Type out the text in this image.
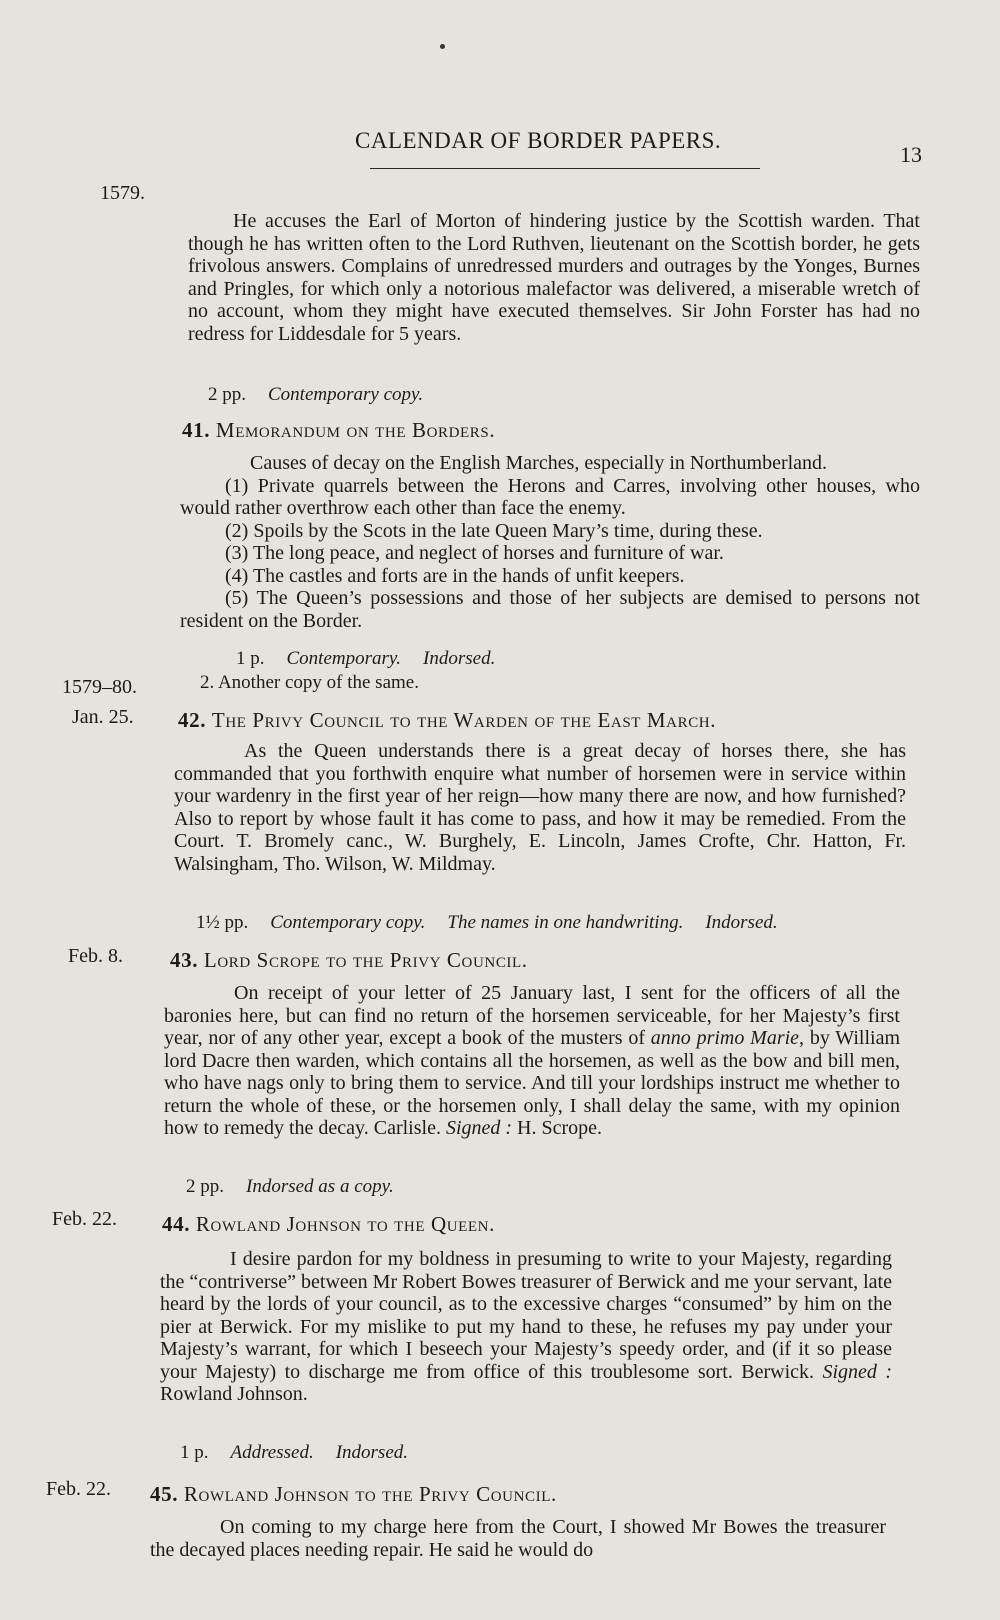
CALENDAR OF BORDER PAPERS.
13
1579.
1579–80.
Jan. 25.
Feb. 8.
Feb. 22.
Feb. 22.
He accuses the Earl of Morton of hindering justice by the Scottish warden. That though he has written often to the Lord Ruthven, lieutenant on the Scottish border, he gets frivolous answers. Complains of unredressed murders and outrages by the Yonges, Burnes and Pringles, for which only a notorious malefactor was delivered, a miserable wretch of no account, whom they might have executed themselves. Sir John Forster has had no redress for Liddesdale for 5 years.
2 pp. Contemporary copy.
41. Memorandum on the Borders.

Causes of decay on the English Marches, especially in Northumberland.

(1) Private quarrels between the Herons and Carres, involving other houses, who would rather overthrow each other than face the enemy.

(2) Spoils by the Scots in the late Queen Mary’s time, during these.

(3) The long peace, and neglect of horses and furniture of war.

(4) The castles and forts are in the hands of unfit keepers.

(5) The Queen’s possessions and those of her subjects are demised to persons not resident on the Border.

1 p. Contemporary. Indorsed.
2. Another copy of the same.
42. The Privy Council to the Warden of the East March.
As the Queen understands there is a great decay of horses there, she has commanded that you forthwith enquire what number of horsemen were in service within your wardenry in the first year of her reign—how many there are now, and how furnished? Also to report by whose fault it has come to pass, and how it may be remedied. From the Court. T. Bromely canc., W. Burghely, E. Lincoln, James Crofte, Chr. Hatton, Fr. Walsingham, Tho. Wilson, W. Mildmay.
1½ pp. Contemporary copy. The names in one handwriting. Indorsed.
43. Lord Scrope to the Privy Council.
On receipt of your letter of 25 January last, I sent for the officers of all the baronies here, but can find no return of the horsemen serviceable, for her Majesty’s first year, nor of any other year, except a book of the musters of anno primo Marie, by William lord Dacre then warden, which contains all the horsemen, as well as the bow and bill men, who have nags only to bring them to service. And till your lordships instruct me whether to return the whole of these, or the horsemen only, I shall delay the same, with my opinion how to remedy the decay. Carlisle. Signed : H. Scrope.
2 pp. Indorsed as a copy.
44. Rowland Johnson to the Queen.
I desire pardon for my boldness in presuming to write to your Majesty, regarding the “contriverse” between Mr Robert Bowes treasurer of Berwick and me your servant, late heard by the lords of your council, as to the excessive charges “consumed” by him on the pier at Berwick. For my mislike to put my hand to these, he refuses my pay under your Majesty’s warrant, for which I beseech your Majesty’s speedy order, and (if it so please your Majesty) to discharge me from office of this troublesome sort. Berwick. Signed : Rowland Johnson.
1 p. Addressed. Indorsed.
45. Rowland Johnson to the Privy Council.
On coming to my charge here from the Court, I showed Mr Bowes the treasurer the decayed places needing repair. He said he would do
